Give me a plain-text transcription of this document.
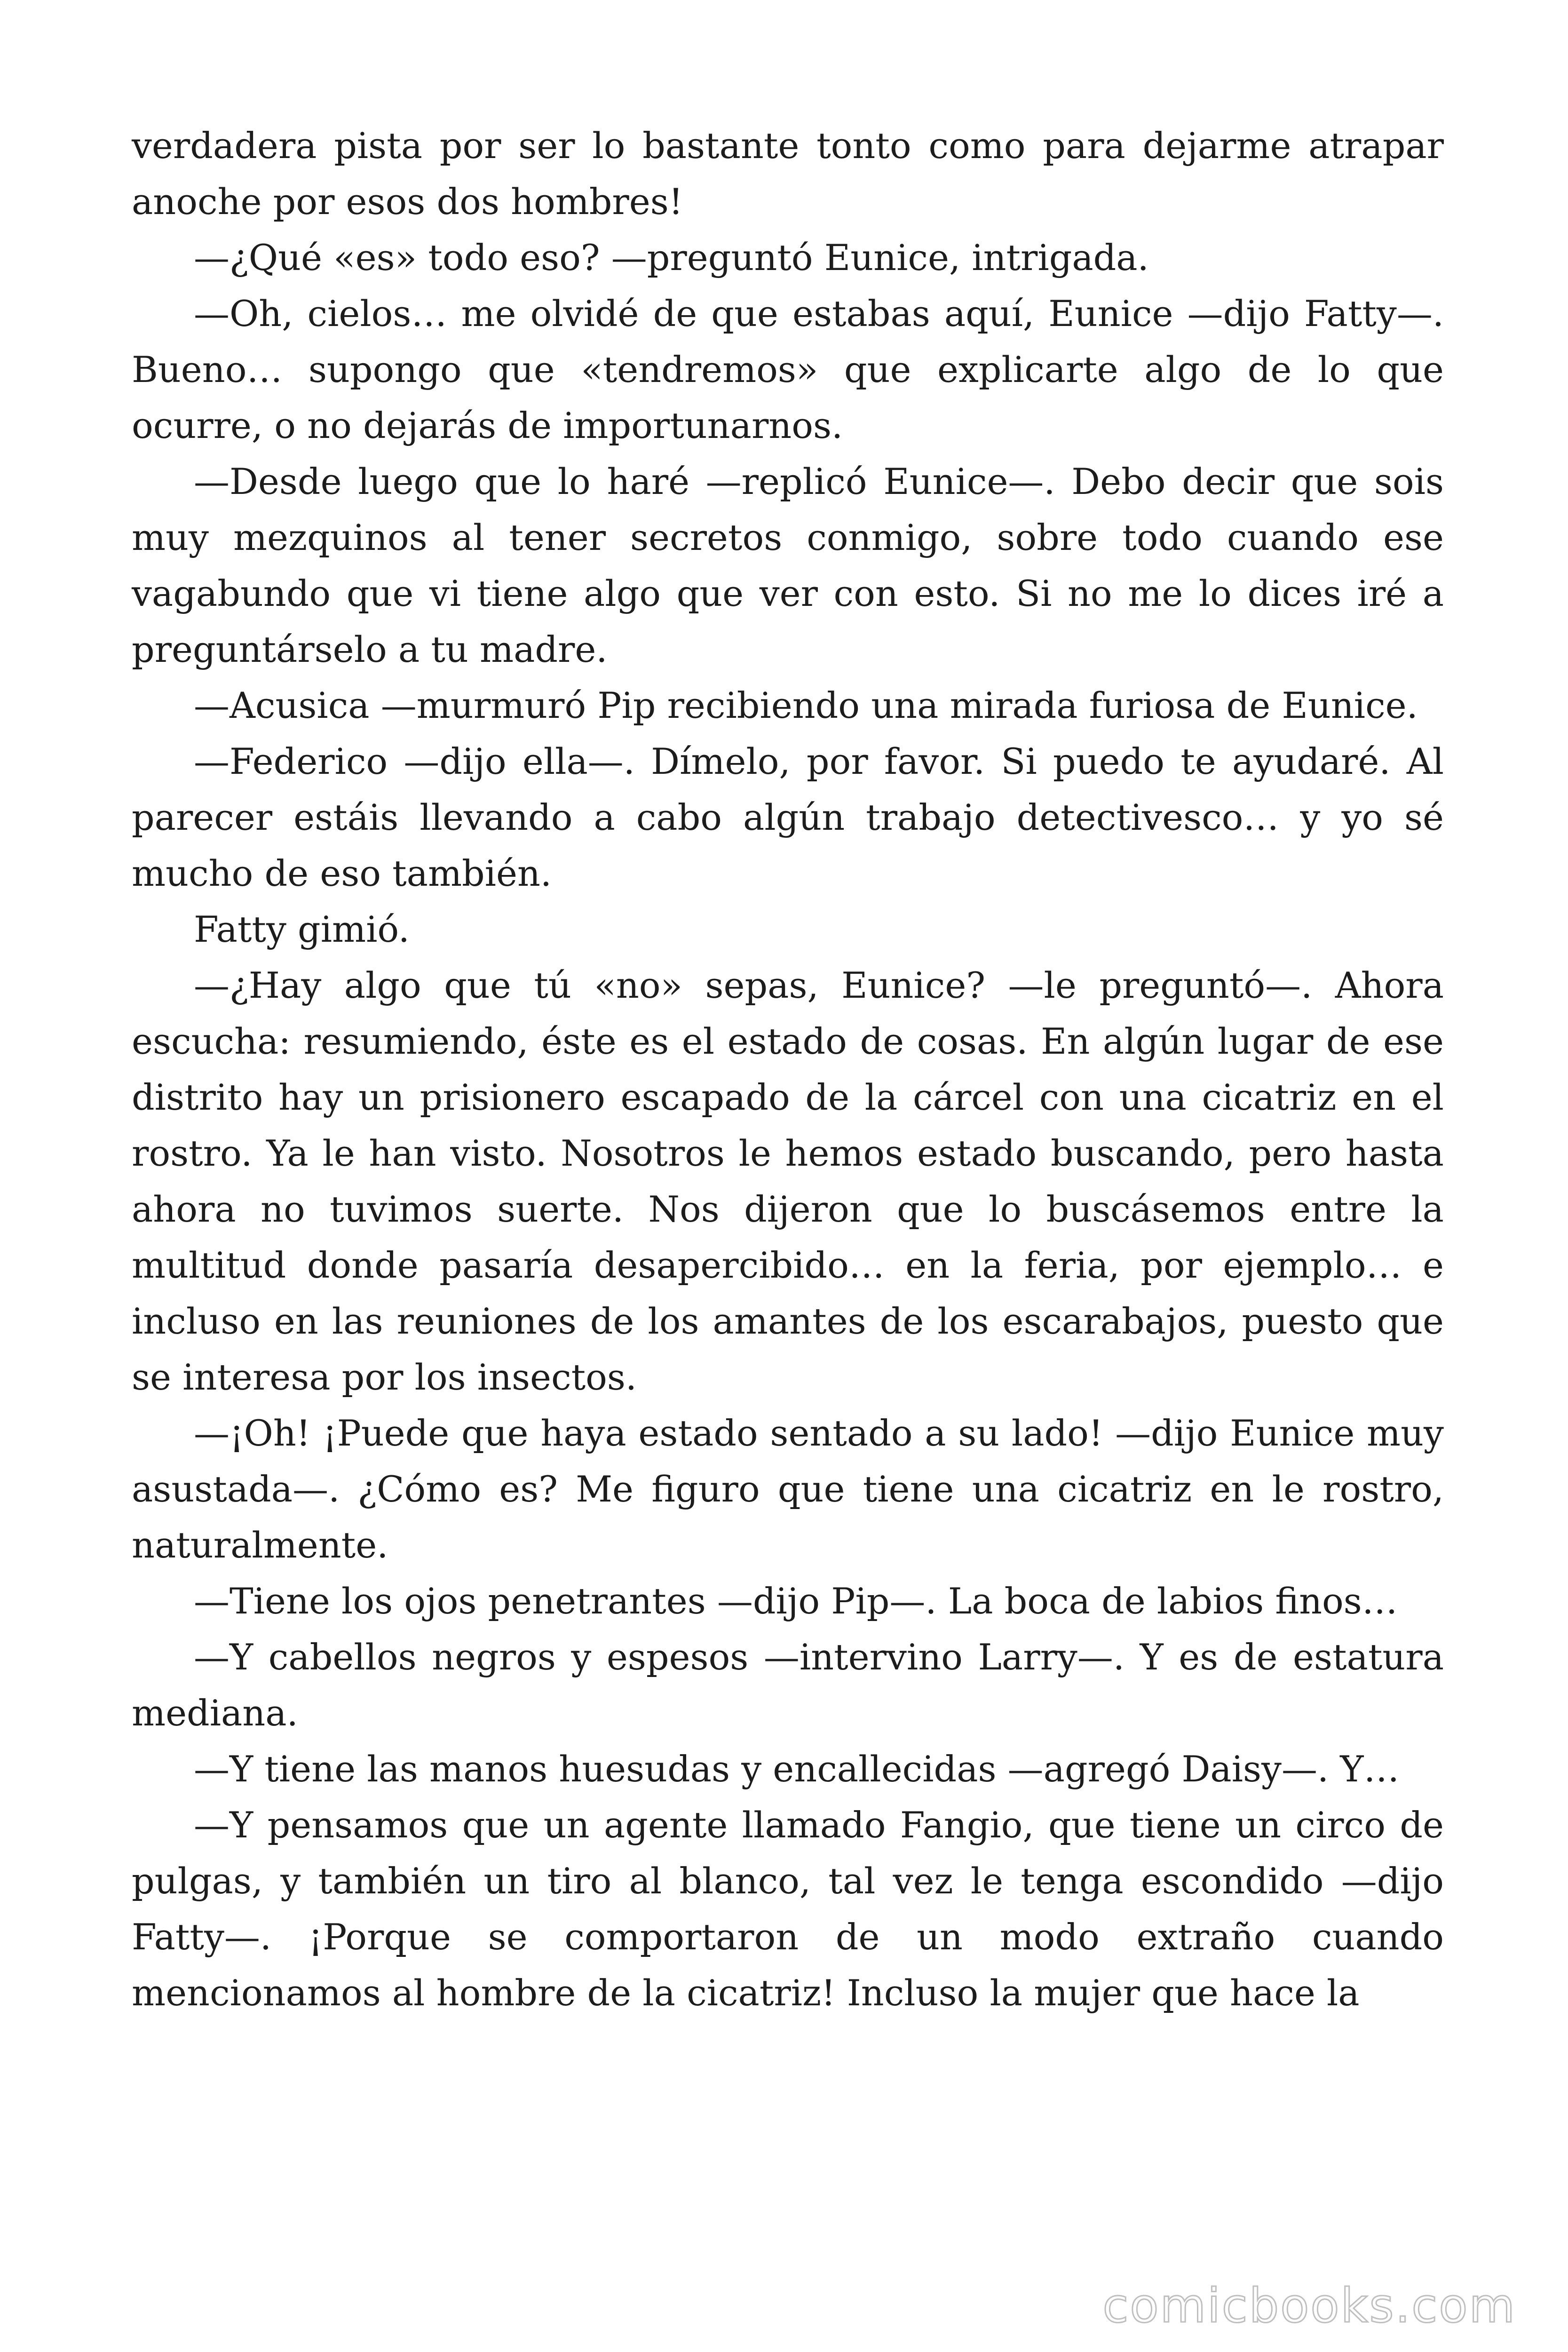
verdadera pista por ser lo bastante tonto como para dejarme atrapar anoche por esos dos hombres!

—¿Qué «es» todo eso? —preguntó Eunice, intrigada.

—Oh, cielos… me olvidé de que estabas aquí, Eunice —dijo Fatty—. Bueno… supongo que «tendremos» que explicarte algo de lo que ocurre, o no dejarás de importunarnos.

—Desde luego que lo haré —replicó Eunice—. Debo decir que sois muy mezquinos al tener secretos conmigo, sobre todo cuando ese vagabundo que vi tiene algo que ver con esto. Si no me lo dices iré a preguntárselo a tu madre.

—Acusica —murmuró Pip recibiendo una mirada furiosa de Eunice.

—Federico —dijo ella—. Dímelo, por favor. Si puedo te ayudaré. Al parecer estáis llevando a cabo algún trabajo detectivesco… y yo sé mucho de eso también.

Fatty gimió.

—¿Hay algo que tú «no» sepas, Eunice? —le preguntó—. Ahora escucha: resumiendo, éste es el estado de cosas. En algún lugar de ese distrito hay un prisionero escapado de la cárcel con una cicatriz en el rostro. Ya le han visto. Nosotros le hemos estado buscando, pero hasta ahora no tuvimos suerte. Nos dijeron que lo buscásemos entre la multitud donde pasaría desapercibido… en la feria, por ejemplo… e incluso en las reuniones de los amantes de los escarabajos, puesto que se interesa por los insectos.

—¡Oh! ¡Puede que haya estado sentado a su lado! —dijo Eunice muy asustada—. ¿Cómo es? Me figuro que tiene una cicatriz en le rostro, naturalmente.

—Tiene los ojos penetrantes —dijo Pip—. La boca de labios finos…

—Y cabellos negros y espesos —intervino Larry—. Y es de estatura mediana.

—Y tiene las manos huesudas y encallecidas —agregó Daisy—. Y…

—Y pensamos que un agente llamado Fangio, que tiene un circo de pulgas, y también un tiro al blanco, tal vez le tenga escondido —dijo Fatty—. ¡Porque se comportaron de un modo extraño cuando mencionamos al hombre de la cicatriz! Incluso la mujer que hace la

comicbooks.com
